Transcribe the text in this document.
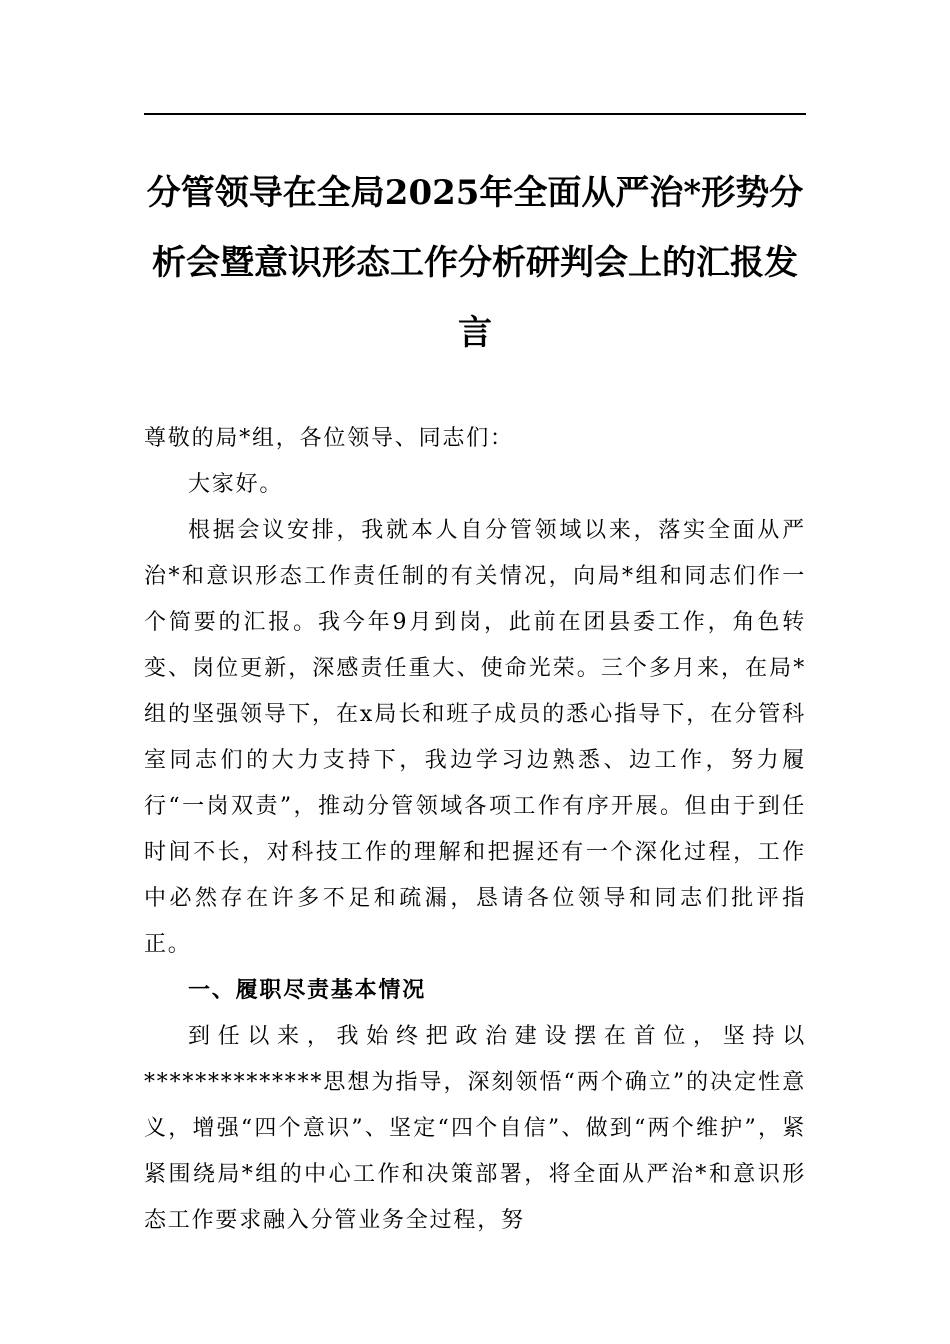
分管领导在全局2025年全面从严治*形势分析会暨意识形态工作分析研判会上的汇报发言

尊敬的局*组，各位领导、同志们：

大家好。

根据会议安排，我就本人自分管领域以来，落实全面从严治*和意识形态工作责任制的有关情况，向局*组和同志们作一个简要的汇报。我今年9月到岗，此前在团县委工作，角色转变、岗位更新，深感责任重大、使命光荣。三个多月来，在局*组的坚强领导下，在x局长和班子成员的悉心指导下，在分管科室同志们的大力支持下，我边学习边熟悉、边工作，努力履行“一岗双责”，推动分管领域各项工作有序开展。但由于到任时间不长，对科技工作的理解和把握还有一个深化过程，工作中必然存在许多不足和疏漏，恳请各位领导和同志们批评指正。

一、履职尽责基本情况

到任以来，我始终把政治建设摆在首位，坚持以**************思想为指导，深刻领悟“两个确立”的决定性意义，增强“四个意识”、坚定“四个自信”、做到“两个维护”，紧紧围绕局*组的中心工作和决策部署，将全面从严治*和意识形态工作要求融入分管业务全过程，努
